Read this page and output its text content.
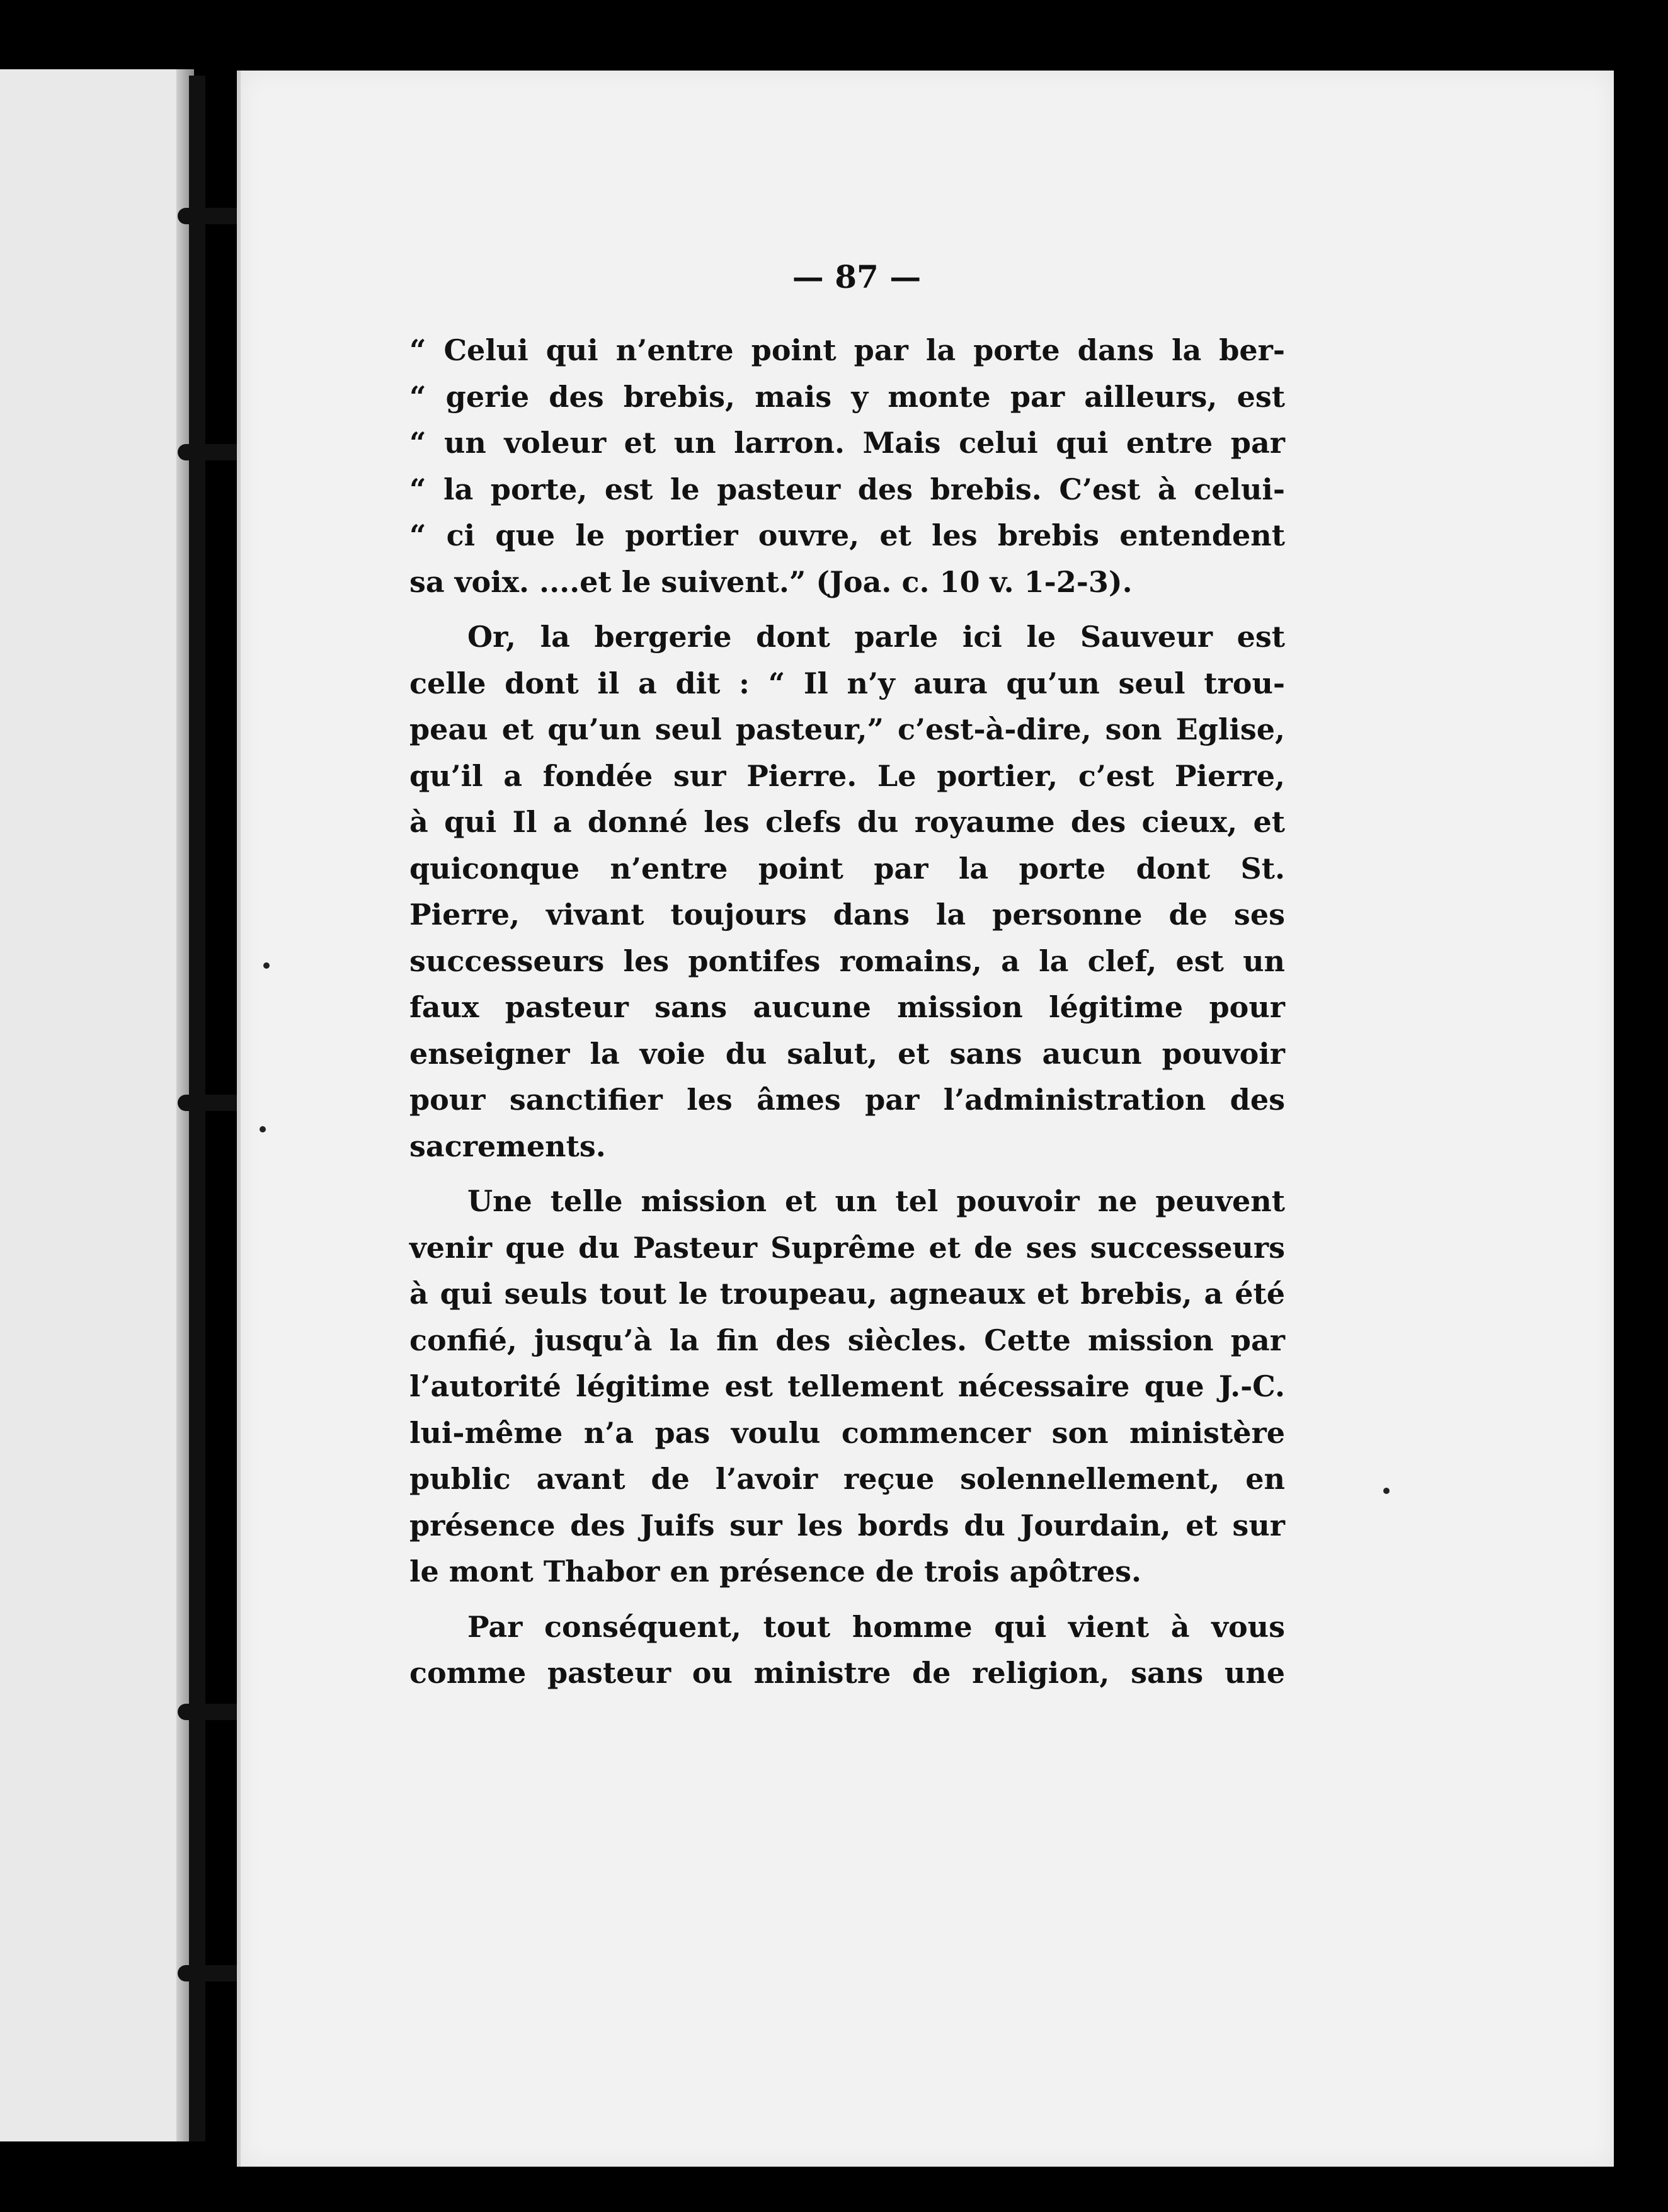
— 87 —
“ Celui qui n’entre point par la porte dans la ber-
“ gerie des brebis, mais y monte par ailleurs, est
“ un voleur et un larron. Mais celui qui entre par
“ la porte, est le pasteur des brebis. C’est à celui-
“ ci que le portier ouvre, et les brebis entendent
sa voix. ....et le suivent.” (Joa. c. 10 v. 1-2-3).
Or, la bergerie dont parle ici le Sauveur est
celle dont il a dit : “ Il n’y aura qu’un seul trou-
peau et qu’un seul pasteur,” c’est-à-dire, son Eglise,
qu’il a fondée sur Pierre. Le portier, c’est Pierre,
à qui Il a donné les clefs du royaume des cieux, et
quiconque n’entre point par la porte dont St.
Pierre, vivant toujours dans la personne de ses
successeurs les pontifes romains, a la clef, est un
faux pasteur sans aucune mission légitime pour
enseigner la voie du salut, et sans aucun pouvoir
pour sanctifier les âmes par l’administration des
sacrements.
Une telle mission et un tel pouvoir ne peuvent
venir que du Pasteur Suprême et de ses successeurs
à qui seuls tout le troupeau, agneaux et brebis, a été
confié, jusqu’à la fin des siècles. Cette mission par
l’autorité légitime est tellement nécessaire que J.-C.
lui-même n’a pas voulu commencer son ministère
public avant de l’avoir reçue solennellement, en
présence des Juifs sur les bords du Jourdain, et sur
le mont Thabor en présence de trois apôtres.
Par conséquent, tout homme qui vient à vous
comme pasteur ou ministre de religion, sans une
